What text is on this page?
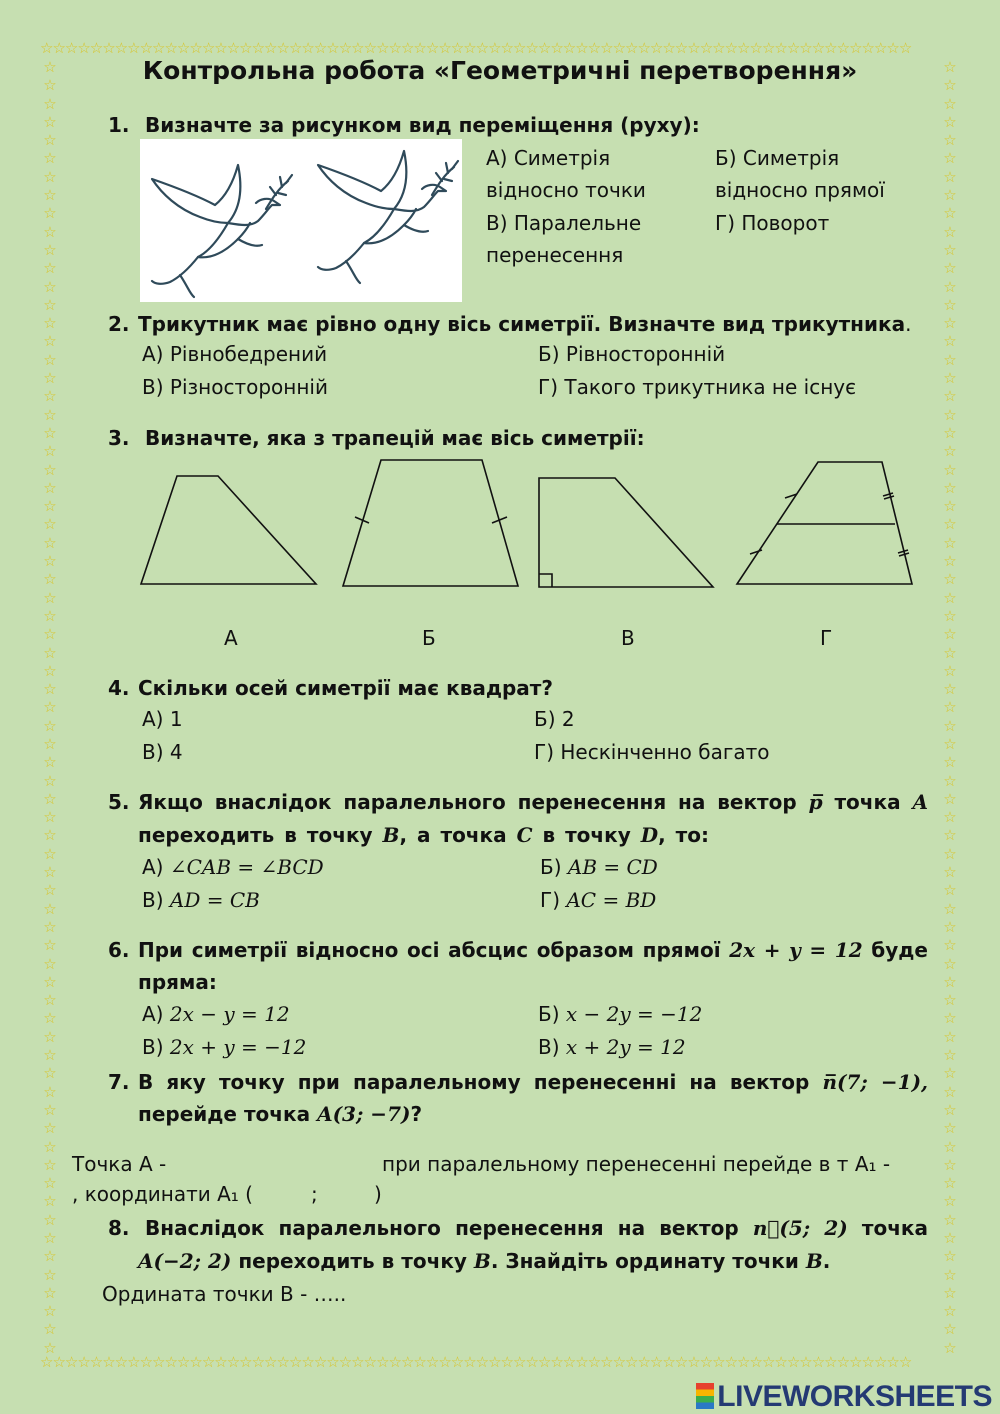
☆☆☆☆☆☆☆☆☆☆☆☆☆☆☆☆☆☆☆☆☆☆☆☆☆☆☆☆☆☆☆☆☆☆☆☆☆☆☆☆☆☆☆☆☆☆☆☆☆☆☆☆☆☆☆☆☆☆☆☆☆☆☆☆☆☆☆☆☆☆
☆☆☆☆☆☆☆☆☆☆☆☆☆☆☆☆☆☆☆☆☆☆☆☆☆☆☆☆☆☆☆☆☆☆☆☆☆☆☆☆☆☆☆☆☆☆☆☆☆☆☆☆☆☆☆☆☆☆☆☆☆☆☆☆☆☆☆☆☆☆
☆
☆
☆
☆
☆
☆
☆
☆
☆
☆
☆
☆
☆
☆
☆
☆
☆
☆
☆
☆
☆
☆
☆
☆
☆
☆
☆
☆
☆
☆
☆
☆
☆
☆
☆
☆
☆
☆
☆
☆
☆
☆
☆
☆
☆
☆
☆
☆
☆
☆
☆
☆
☆
☆
☆
☆
☆
☆
☆
☆
☆
☆
☆
☆
☆
☆
☆
☆
☆
☆
☆

☆
☆
☆
☆
☆
☆
☆
☆
☆
☆
☆
☆
☆
☆
☆
☆
☆
☆
☆
☆
☆
☆
☆
☆
☆
☆
☆
☆
☆
☆
☆
☆
☆
☆
☆
☆
☆
☆
☆
☆
☆
☆
☆
☆
☆
☆
☆
☆
☆
☆
☆
☆
☆
☆
☆
☆
☆
☆
☆
☆
☆
☆
☆
☆
☆
☆
☆
☆
☆
☆
☆

Контрольна робота «Геометричні перетворення»
1. Визначте за рисунком вид переміщення (руху):
А) Симетрія
відносно точки
В) Паралельне
перенесення
Б) Симетрія
відносно прямої
Г) Поворот
2. Трикутник має рівно одну вісь симетрії. Визначте вид трикутника.
А) Рівнобедрений	Б) Рівносторонній
В) Різносторонній	Г) Такого трикутника не існує
3. Визначте, яка з трапецій має вісь симетрії:
А	Б	В	Г
4. Скільки осей симетрії має квадрат?
А) 1	Б) 2
В) 4	Г) Нескінченно багато
5. Якщо внаслідок паралельного перенесення на вектор p̅ точка A
переходить в точку B, а точка C в точку D, то:
А) ∠CAB = ∠BCD	Б) AB = CD
В) AD = CB	Г) AC = BD
6. При симетрії відносно осі абсцис образом прямої 2x + y = 12 буде
пряма:
А) 2x − y = 12	Б) x − 2y = −12
В) 2x + y = −12	В) x + 2y = 12
7. В яку точку при паралельному перенесенні на вектор n̅(7; −1),
перейде точка A(3; −7)?
Точка А -	при паралельному перенесенні перейде в т А₁ -
, координати А₁ (	;	)
8. Внаслідок паралельного перенесення на вектор n⃗(5; 2) точка
A(−2; 2) переходить в точку B. Знайдіть ординату точки B.
Ордината точки В - …..
LIVEWORKSHEETS
